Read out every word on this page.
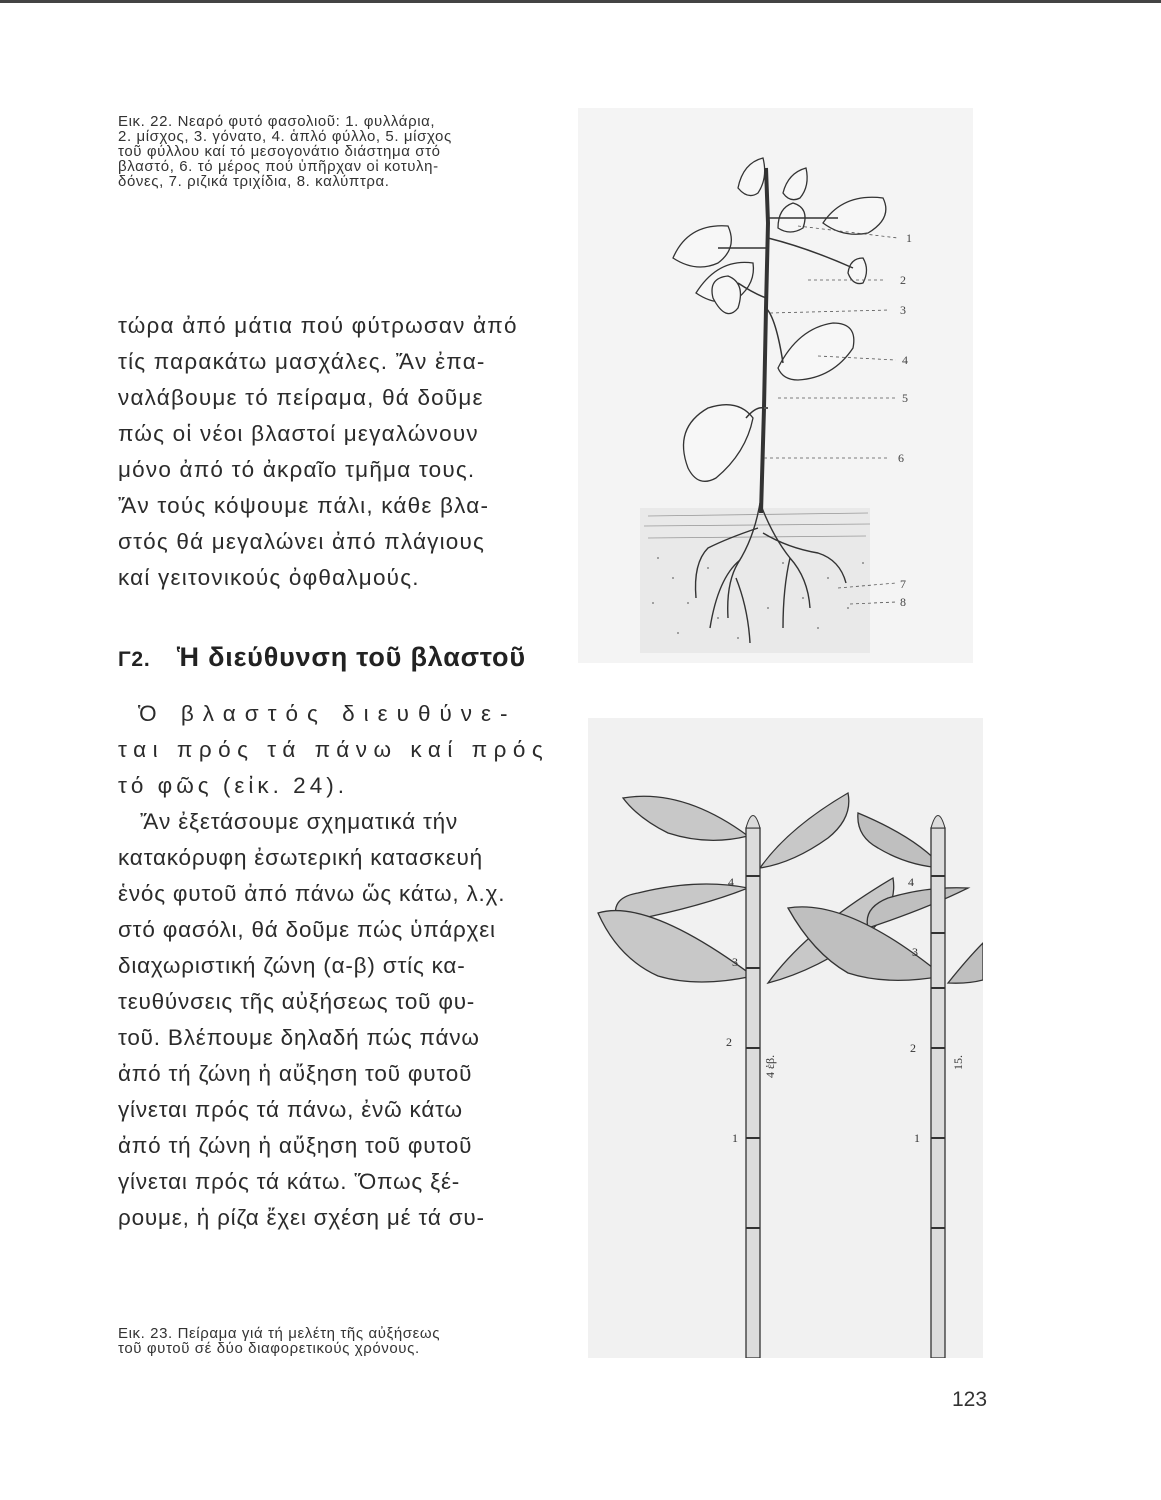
Εικ. 22. Νεαρό φυτό φασολιοῦ: 1. φυλλάρια,
2. μίσχος, 3. γόνατο, 4. ἁπλό φύλλο, 5. μίσχος
τοῦ φύλλου καί τό μεσογονάτιο διάστημα στό
βλαστό, 6. τό μέρος πού ὑπῆρχαν οἱ κοτυλη-
δόνες, 7. ριζικά τριχίδια, 8. καλύπτρα.
τώρα ἀπό μάτια πού φύτρωσαν ἀπό
τίς παρακάτω μασχάλες. Ἄν ἐπα-
ναλάβουμε τό πείραμα, θά δοῦμε
πώς οἱ νέοι βλαστοί μεγαλώνουν
μόνο ἀπό τό ἀκραῖο τμῆμα τους.
Ἄν τούς κόψουμε πάλι, κάθε βλα-
στός θά μεγαλώνει ἀπό πλάγιους
καί γειτονικούς ὀφθαλμούς.
Γ2. Ἡ διεύθυνση τοῦ βλαστοῦ
Ὁ βλαστός διευθύνε-
ται πρός τά πάνω καί πρός
τό φῶς (εἰκ. 24).
Ἄν ἐξετάσουμε σχηματικά τήν
κατακόρυφη ἐσωτερική κατασκευή
ἑνός φυτοῦ ἀπό πάνω ὥς κάτω, λ.χ.
στό φασόλι, θά δοῦμε πώς ὑπάρχει
διαχωριστική ζώνη (α-β) στίς κα-
τευθύνσεις τῆς αὐξήσεως τοῦ φυ-
τοῦ. Βλέπουμε δηλαδή πώς πάνω
ἀπό τή ζώνη ἡ αὔξηση τοῦ φυτοῦ
γίνεται πρός τά πάνω, ἐνῶ κάτω
ἀπό τή ζώνη ἡ αὔξηση τοῦ φυτοῦ
γίνεται πρός τά κάτω. Ὅπως ξέ-
ρουμε, ἡ ρίζα ἔχει σχέση μέ τά συ-
1
2
3
4
5
6
7
8
4
3
2
1
4
3
2
1
4 ἑβ.	15.
Εικ. 23. Πείραμα γιά τή μελέτη τῆς αὐξήσεως
τοῦ φυτοῦ σέ δύο διαφορετικούς χρόνους.
123
